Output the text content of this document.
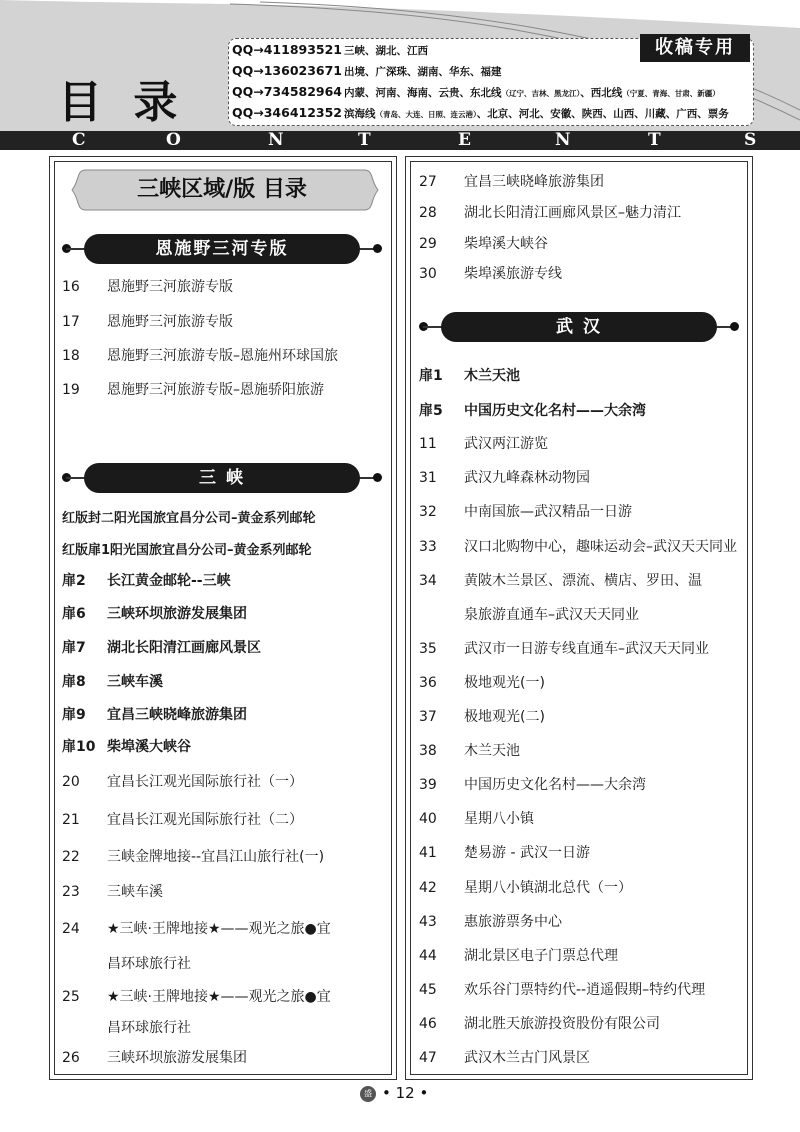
目 录
收稿专用
QQ→411893521 三峡、湖北、江西
QQ→136023671 出境、广深珠、湖南、华东、福建
QQ→734582964 内蒙、河南、海南、云贵、东北线（辽宁、吉林、黑龙江）、西北线（宁夏、青海、甘肃、新疆）
QQ→346412352 滨海线（青岛、大连、日照、连云港）、北京、河北、安徽、陕西、山西、川藏、广西、票务
C	O	N	T	E	N	T	S
三峡区域/版 目录
恩施野三河专版
16 恩施野三河旅游专版
17 恩施野三河旅游专版
18 恩施野三河旅游专版–恩施州环球国旅
19 恩施野三河旅游专版–恩施骄阳旅游
三 峡
红版封二阳光国旅宜昌分公司–黄金系列邮轮
红版扉1阳光国旅宜昌分公司–黄金系列邮轮
扉2 长江黄金邮轮--三峡
扉6 三峡环坝旅游发展集团
扉7 湖北长阳清江画廊风景区
扉8 三峡车溪
扉9 宜昌三峡晓峰旅游集团
扉10 柴埠溪大峡谷
20 宜昌长江观光国际旅行社（一）
21 宜昌长江观光国际旅行社（二）
22 三峡金牌地接--宜昌江山旅行社(一)
23 三峡车溪
24 ★三峡·王牌地接★——观光之旅●宜
昌环球旅行社
25 ★三峡·王牌地接★——观光之旅●宜
昌环球旅行社
26 三峡环坝旅游发展集团
27 宜昌三峡晓峰旅游集团
28 湖北长阳清江画廊风景区–魅力清江
29 柴埠溪大峡谷
30 柴埠溪旅游专线
武 汉
扉1 木兰天池
扉5 中国历史文化名村——大余湾
11 武汉两江游览
31 武汉九峰森林动物园
32 中南国旅—武汉精品一日游
33 汉口北购物中心，趣味运动会–武汉天天同业
34 黄陂木兰景区、漂流、横店、罗田、温
泉旅游直通车–武汉天天同业
35 武汉市一日游专线直通车–武汉天天同业
36 极地观光(一)
37 极地观光(二)
38 木兰天池
39 中国历史文化名村——大余湾
40 星期八小镇
41 楚易游 - 武汉一日游
42 星期八小镇湖北总代（一）
43 惠旅游票务中心
44 湖北景区电子门票总代理
45 欢乐谷门票特约代--逍遥假期–特约代理
46 湖北胜天旅游投资股份有限公司
47 武汉木兰古门风景区
盛 • 12 •
